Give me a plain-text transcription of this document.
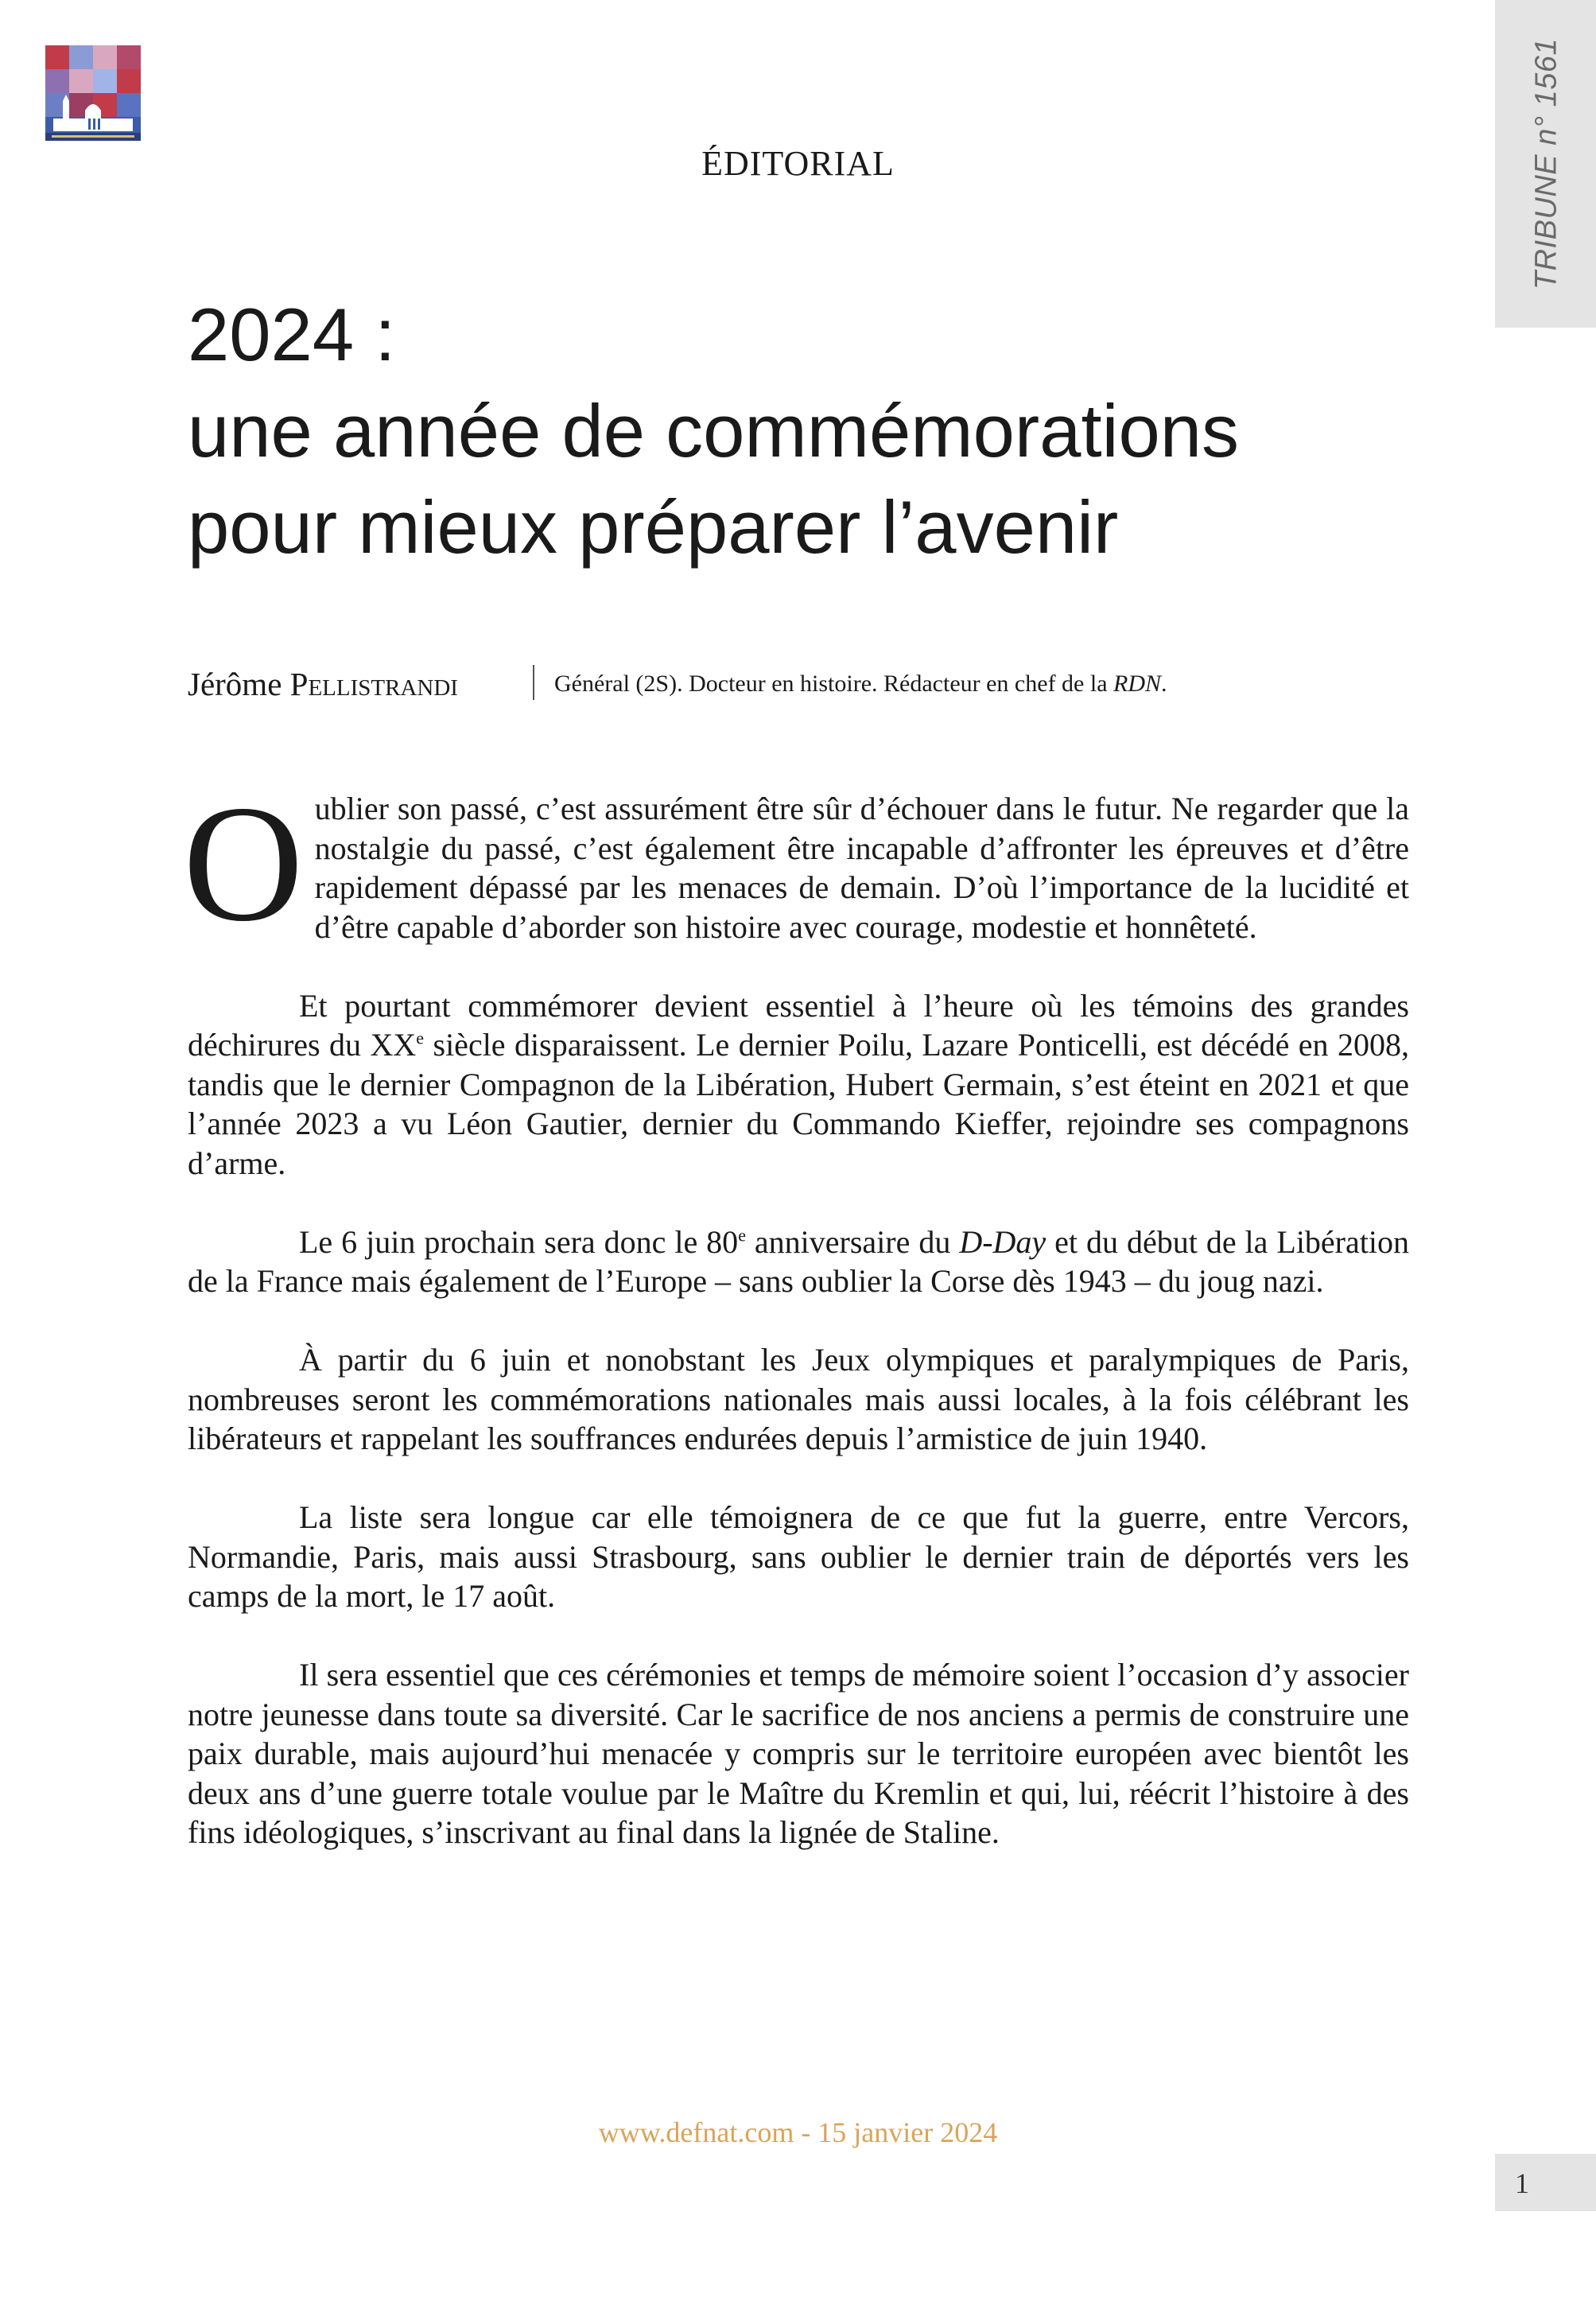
TRIBUNE n° 1561
ÉDITORIAL
2024 :
une année de commémorations
pour mieux préparer l’avenir
Jérôme Pellistrandi	Général (2S). Docteur en histoire. Rédacteur en chef de la RDN.

Oublier son passé, c’est assurément être sûr d’échouer dans le futur. Ne regarder que la nostalgie du passé, c’est également être incapable d’affronter les épreuves et d’être rapidement dépassé par les menaces de demain. D’où l’importance de la lucidité et d’être capable d’aborder son histoire avec courage, modestie et honnêteté.

Et pourtant commémorer devient essentiel à l’heure où les témoins des grandes déchirures du XXe siècle disparaissent. Le dernier Poilu, Lazare Ponticelli, est décédé en 2008, tandis que le dernier Compagnon de la Libération, Hubert Germain, s’est éteint en 2021 et que l’année 2023 a vu Léon Gautier, dernier du Commando Kieffer, rejoindre ses compagnons d’arme.

Le 6 juin prochain sera donc le 80e anniversaire du D-Day et du début de la Libération de la France mais également de l’Europe – sans oublier la Corse dès 1943 – du joug nazi.

À partir du 6 juin et nonobstant les Jeux olympiques et paralympiques de Paris, nombreuses seront les commémorations nationales mais aussi locales, à la fois célébrant les libérateurs et rappelant les souffrances endurées depuis l’armistice de juin 1940.

La liste sera longue car elle témoignera de ce que fut la guerre, entre Vercors, Normandie, Paris, mais aussi Strasbourg, sans oublier le dernier train de déportés vers les camps de la mort, le 17 août.

Il sera essentiel que ces cérémonies et temps de mémoire soient l’occasion d’y associer notre jeunesse dans toute sa diversité. Car le sacrifice de nos anciens a permis de construire une paix durable, mais aujourd’hui menacée y compris sur le territoire européen avec bientôt les deux ans d’une guerre totale voulue par le Maître du Kremlin et qui, lui, réécrit l’histoire à des fins idéologiques, s’inscrivant au final dans la lignée de Staline.

www.defnat.com - 15 janvier 2024
1
